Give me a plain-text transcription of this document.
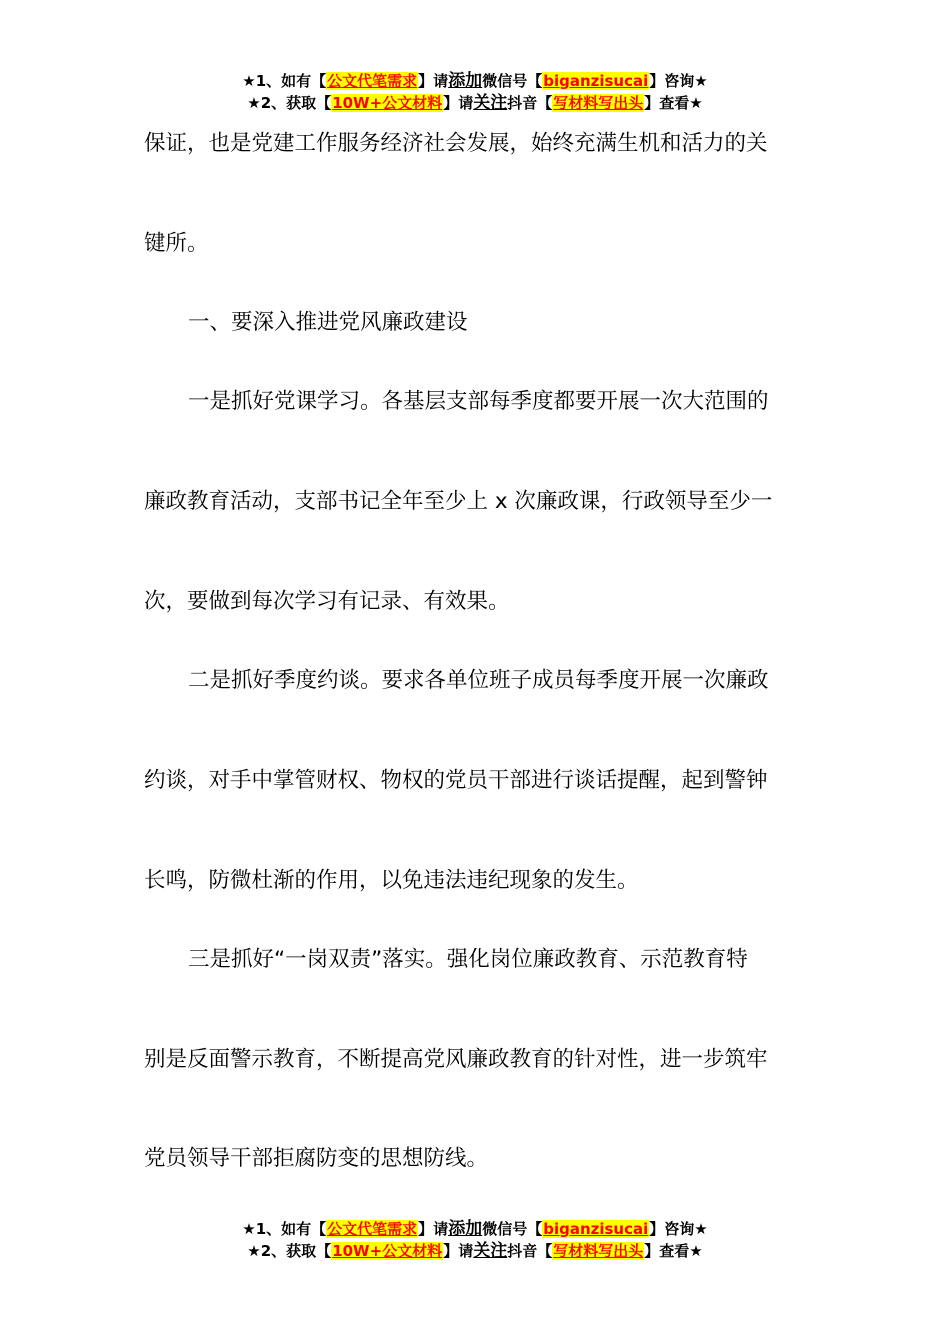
★1、如有【公文代笔需求】请添加微信号【biganzisucai】咨询★
★2、获取【10W+公文材料】请关注抖音【写材料写出头】查看★
保证，也是党建工作服务经济社会发展，始终充满生机和活力的关
键所。
一、要深入推进党风廉政建设
一是抓好党课学习。各基层支部每季度都要开展一次大范围的
廉政教育活动，支部书记全年至少上 x 次廉政课，行政领导至少一
次，要做到每次学习有记录、有效果。
二是抓好季度约谈。要求各单位班子成员每季度开展一次廉政
约谈，对手中掌管财权、物权的党员干部进行谈话提醒，起到警钟
长鸣，防微杜渐的作用，以免违法违纪现象的发生。
三是抓好“一岗双责”落实。强化岗位廉政教育、示范教育特
别是反面警示教育，不断提高党风廉政教育的针对性，进一步筑牢
党员领导干部拒腐防变的思想防线。
★1、如有【公文代笔需求】请添加微信号【biganzisucai】咨询★
★2、获取【10W+公文材料】请关注抖音【写材料写出头】查看★
